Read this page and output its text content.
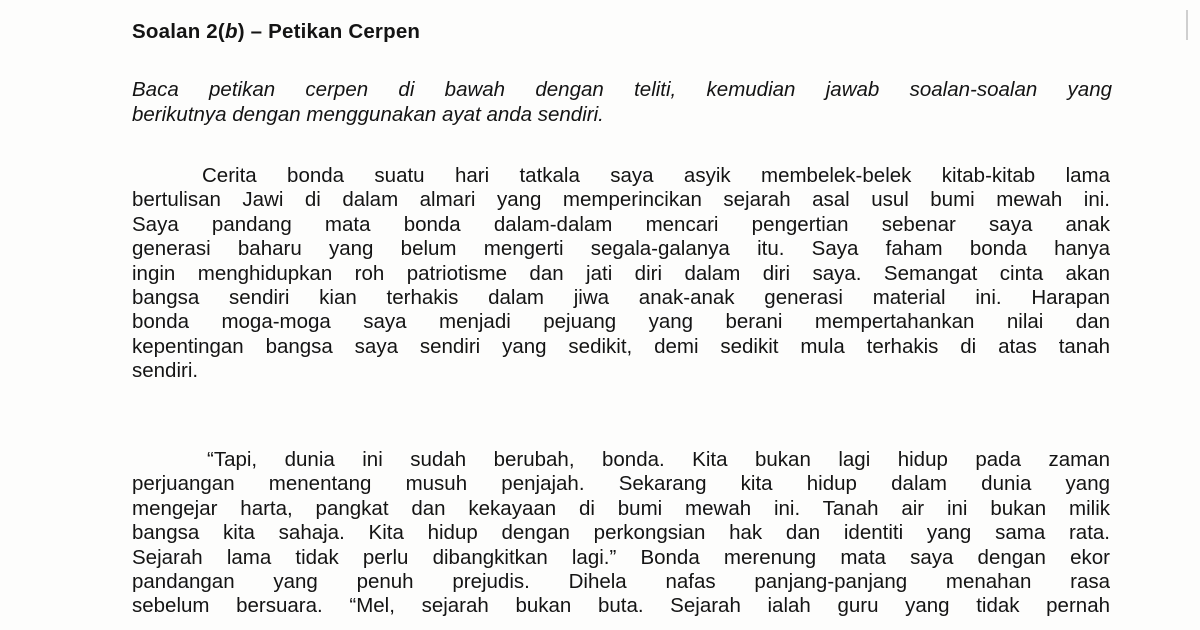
Soalan 2(b) – Petikan Cerpen
Baca petikan cerpen di bawah dengan teliti, kemudian jawab soalan-soalan yang
berikutnya dengan menggunakan ayat anda sendiri.
Cerita bonda suatu hari tatkala saya asyik membelek-belek kitab-kitab lama
bertulisan Jawi di dalam almari yang memperincikan sejarah asal usul bumi mewah ini.
Saya pandang mata bonda dalam-dalam mencari pengertian sebenar saya anak
generasi baharu yang belum mengerti segala-galanya itu. Saya faham bonda hanya
ingin menghidupkan roh patriotisme dan jati diri dalam diri saya. Semangat cinta akan
bangsa sendiri kian terhakis dalam jiwa anak-anak generasi material ini. Harapan
bonda moga-moga saya menjadi pejuang yang berani mempertahankan nilai dan
kepentingan bangsa saya sendiri yang sedikit, demi sedikit mula terhakis di atas tanah
sendiri.
“Tapi, dunia ini sudah berubah, bonda. Kita bukan lagi hidup pada zaman
perjuangan menentang musuh penjajah. Sekarang kita hidup dalam dunia yang
mengejar harta, pangkat dan kekayaan di bumi mewah ini. Tanah air ini bukan milik
bangsa kita sahaja. Kita hidup dengan perkongsian hak dan identiti yang sama rata.
Sejarah lama tidak perlu dibangkitkan lagi.” Bonda merenung mata saya dengan ekor
pandangan yang penuh prejudis. Dihela nafas panjang-panjang menahan rasa
sebelum bersuara. “Mel, sejarah bukan buta. Sejarah ialah guru yang tidak pernah
